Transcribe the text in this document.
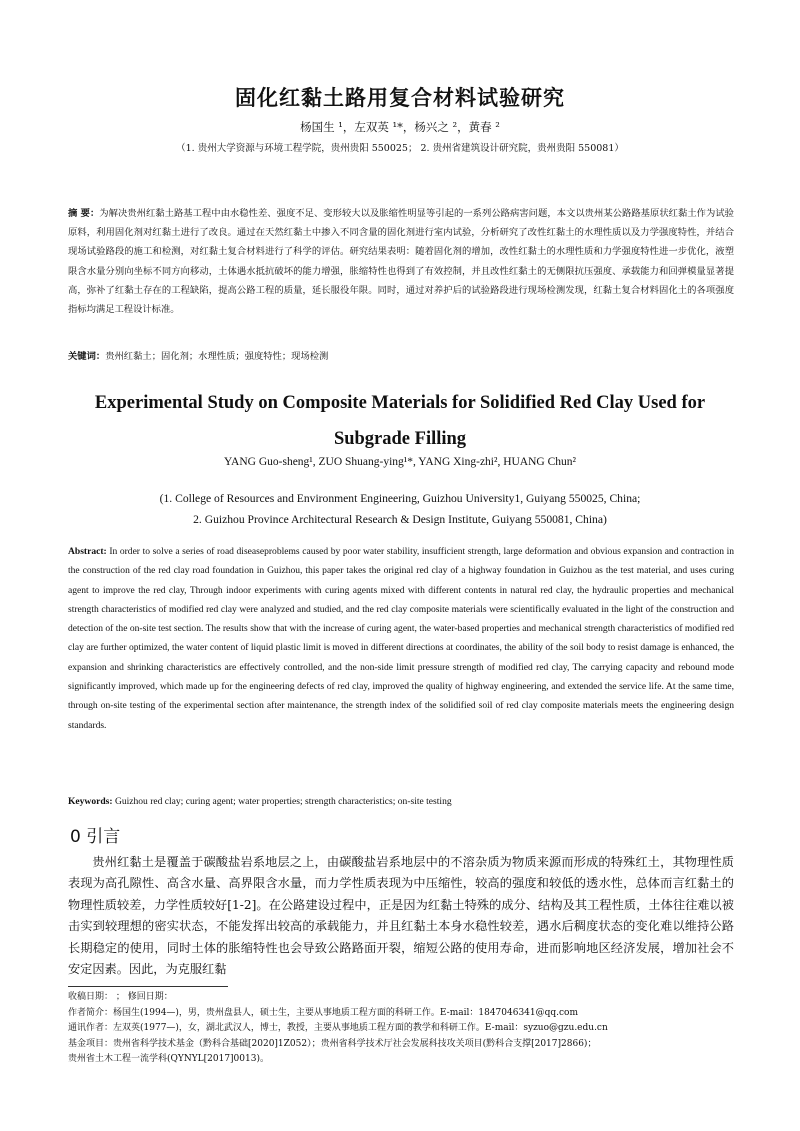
固化红黏土路用复合材料试验研究
杨国生 ¹，左双英 ¹*，杨兴之 ²，黄春 ²
（1. 贵州大学资源与环境工程学院，贵州贵阳 550025； 2. 贵州省建筑设计研究院，贵州贵阳 550081）
摘 要：为解决贵州红黏土路基工程中由水稳性差、强度不足、变形较大以及胀缩性明显等引起的一系列公路病害问题，本文以贵州某公路路基原状红黏土作为试验原料，利用固化剂对红黏土进行了改良。通过在天然红黏土中掺入不同含量的固化剂进行室内试验，分析研究了改性红黏土的水理性质以及力学强度特性，并结合现场试验路段的施工和检测，对红黏土复合材料进行了科学的评估。研究结果表明：随着固化剂的增加，改性红黏土的水理性质和力学强度特性进一步优化，液塑限含水量分别向坐标不同方向移动，土体遇水抵抗破坏的能力增强，胀缩特性也得到了有效控制，并且改性红黏土的无侧限抗压强度、承载能力和回弹模量显著提高，弥补了红黏土存在的工程缺陷，提高公路工程的质量，延长服役年限。同时，通过对养护后的试验路段进行现场检测发现，红黏土复合材料固化土的各项强度指标均满足工程设计标准。
关键词：贵州红黏土；固化剂；水理性质；强度特性；现场检测
Experimental Study on Composite Materials for Solidified Red Clay Used for Subgrade Filling
YANG Guo-sheng¹, ZUO Shuang-ying¹*, YANG Xing-zhi², HUANG Chun²
(1. College of Resources and Environment Engineering, Guizhou University1, Guiyang 550025, China;
2. Guizhou Province Architectural Research & Design Institute, Guiyang 550081, China)
Abstract: In order to solve a series of road diseaseproblems caused by poor water stability, insufficient strength, large deformation and obvious expansion and contraction in the construction of the red clay road foundation in Guizhou, this paper takes the original red clay of a highway foundation in Guizhou as the test material, and uses curing agent to improve the red clay, Through indoor experiments with curing agents mixed with different contents in natural red clay, the hydraulic properties and mechanical strength characteristics of modified red clay were analyzed and studied, and the red clay composite materials were scientifically evaluated in the light of the construction and detection of the on-site test section. The results show that with the increase of curing agent, the water-based properties and mechanical strength characteristics of modified red clay are further optimized, the water content of liquid plastic limit is moved in different directions at coordinates, the ability of the soil body to resist damage is enhanced, the expansion and shrinking characteristics are effectively controlled, and the non-side limit pressure strength of modified red clay, The carrying capacity and rebound mode significantly improved, which made up for the engineering defects of red clay, improved the quality of highway engineering, and extended the service life. At the same time, through on-site testing of the experimental section after maintenance, the strength index of the solidified soil of red clay composite materials meets the engineering design standards.
Keywords: Guizhou red clay; curing agent; water properties; strength characteristics; on-site testing
0 引言
贵州红黏土是覆盖于碳酸盐岩系地层之上，由碳酸盐岩系地层中的不溶杂质为物质来源而形成的特殊红土，其物理性质表现为高孔隙性、高含水量、高界限含水量，而力学性质表现为中压缩性，较高的强度和较低的透水性，总体而言红黏土的物理性质较差，力学性质较好[1-2]。在公路建设过程中，正是因为红黏土特殊的成分、结构及其工程性质，土体往往难以被击实到较理想的密实状态，不能发挥出较高的承载能力，并且红黏土本身水稳性较差，遇水后稠度状态的变化难以维持公路长期稳定的使用，同时土体的胀缩特性也会导致公路路面开裂，缩短公路的使用寿命，进而影响地区经济发展，增加社会不安定因素。因此，为克服红黏
收稿日期： ； 修回日期：
作者简介：杨国生(1994—)，男，贵州盘县人，硕士生，主要从事地质工程方面的科研工作。E-mail：1847046341@qq.com
通讯作者：左双英(1977—)，女，湖北武汉人，博士，教授，主要从事地质工程方面的教学和科研工作。E-mail：syzuo@gzu.edu.cn
基金项目：贵州省科学技术基金（黔科合基础[2020]1Z052）；贵州省科学技术厅社会发展科技攻关项目(黔科合支撑[2017]2866)；
贵州省土木工程一流学科(QYNYL[2017]0013)。
